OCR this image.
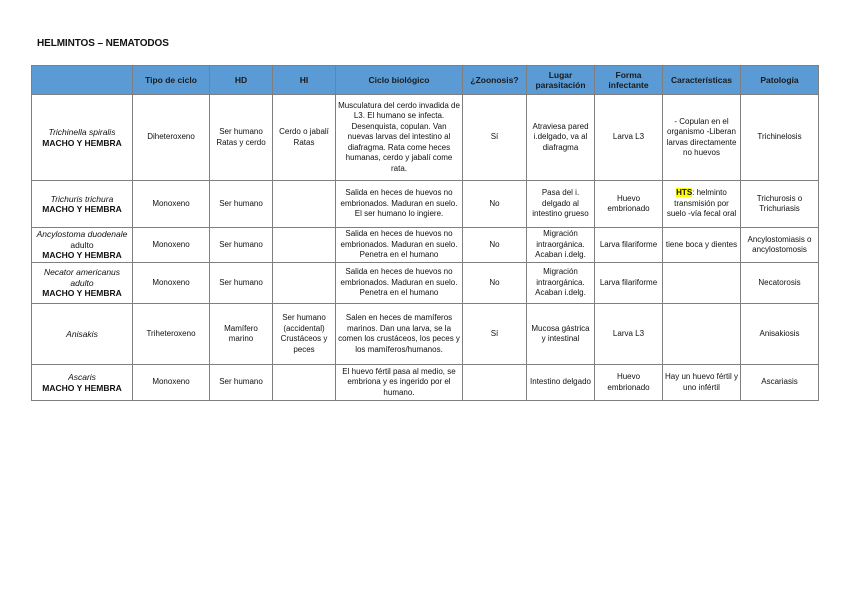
HELMINTOS – NEMATODOS
	Tipo de ciclo	HD	HI	Ciclo biológico	¿Zoonosis?	Lugar parasitación	Forma infectante	Características	Patología

Trichinella spiralis
MACHO Y HEMBRA	Diheteroxeno	Ser humano Ratas y cerdo	Cerdo o jabalí Ratas	Musculatura del cerdo invadida de L3. El humano se infecta. Desenquista, copulan. Van nuevas larvas del intestino al diafragma. Rata come heces humanas, cerdo y jabalí come rata.	Sí	Atraviesa pared i.delgado, va al diafragma	Larva L3	- Copulan en el organismo -Liberan larvas directamente no huevos	Trichinelosis

Trichuris trichura
MACHO Y HEMBRA	Monoxeno	Ser humano		Salida en heces de huevos no embrionados. Maduran en suelo. El ser humano lo ingiere.	No	Pasa del i. delgado al intestino grueso	Huevo embrionado	HTS: helminto transmisión por suelo -vía fecal oral	Trichurosis o Trichuriasis

Ancylostoma duodenale adulto
MACHO Y HEMBRA	Monoxeno	Ser humano		Salida en heces de huevos no embrionados. Maduran en suelo. Penetra en el humano	No	Migración intraorgánica. Acaban i.delg.	Larva filariforme	tiene boca y dientes	Ancylostomiasis o ancylostomosis

Necator americanus adulto
MACHO Y HEMBRA	Monoxeno	Ser humano		Salida en heces de huevos no embrionados. Maduran en suelo. Penetra en el humano	No	Migración intraorgánica. Acaban i.delg.	Larva filariforme		Necatorosis

Anisakis	Triheteroxeno	Mamífero marino	Ser humano (accidental) Crustáceos y peces	Salen en heces de mamíferos marinos. Dan una larva, se la comen los crustáceos, los peces y los mamíferos/humanos.	Sí	Mucosa gástrica y intestinal	Larva L3		Anisakiosis

Ascaris
MACHO Y HEMBRA	Monoxeno	Ser humano		El huevo fértil pasa al medio, se embriona y es ingerido por el humano.		Intestino delgado	Huevo embrionado	Hay un huevo fértil y uno infértil	Ascariasis
